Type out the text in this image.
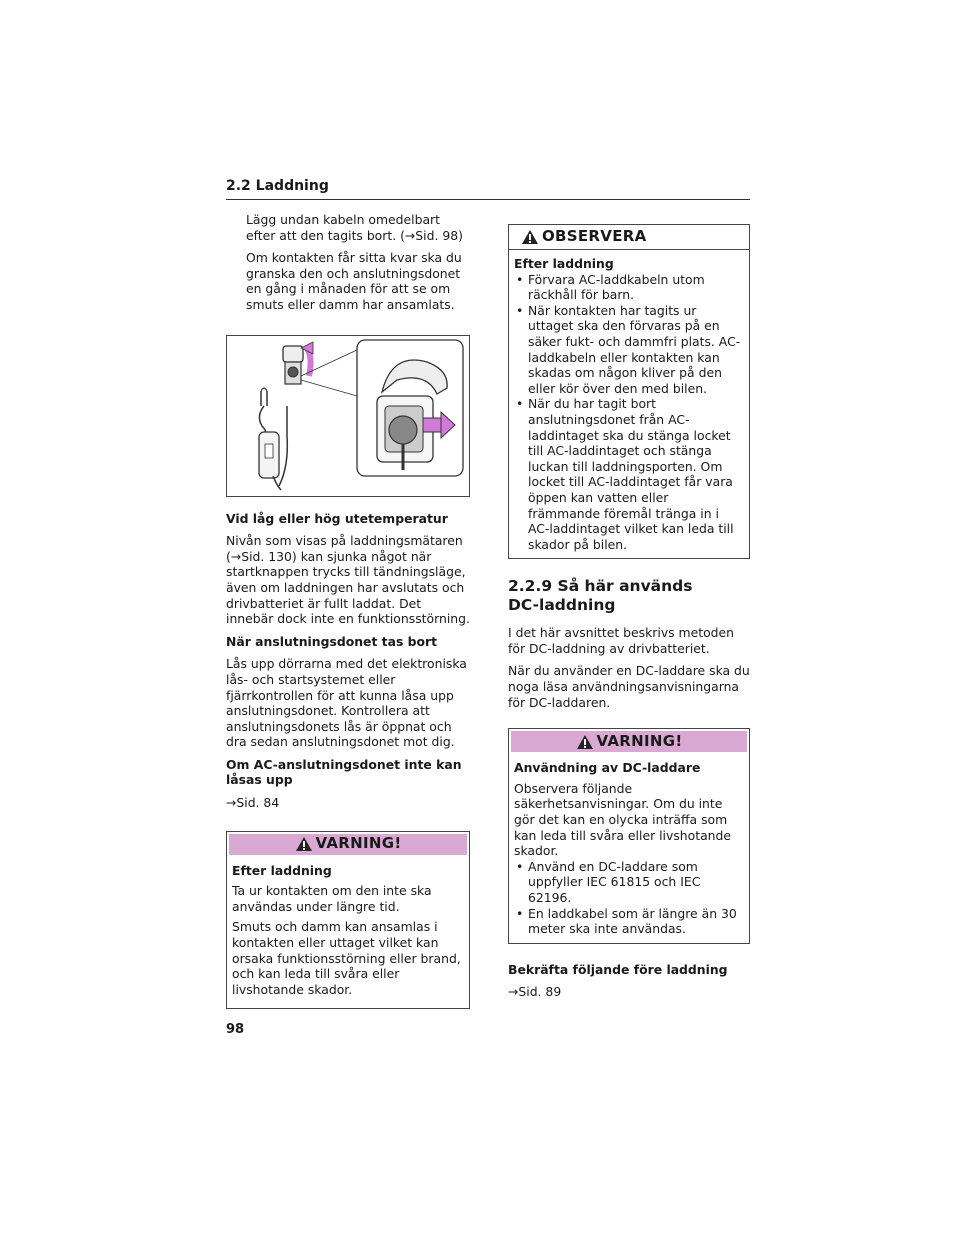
2.2 Laddning

Lägg undan kabeln omedelbart efter att den tagits bort. (→Sid. 98)

Om kontakten får sitta kvar ska du granska den och anslutningsdonet en gång i månaden för att se om smuts eller damm har ansamlats.

Vid låg eller hög utetemperatur

Nivån som visas på laddningsmätaren (→Sid. 130) kan sjunka något när startknappen trycks till tändningsläge, även om laddningen har avslutats och drivbatteriet är fullt laddat. Det innebär dock inte en funktionsstörning.

När anslutningsdonet tas bort

Lås upp dörrarna med det elektroniska lås- och startsystemet eller fjärrkontrollen för att kunna låsa upp anslutningsdonet. Kontrollera att anslutningsdonets lås är öppnat och dra sedan anslutningsdonet mot dig.

Om AC-anslutningsdonet inte kan låsas upp

→Sid. 84

VARNING!

Efter laddning

Ta ur kontakten om den inte ska användas under längre tid.

Smuts och damm kan ansamlas i kontakten eller uttaget vilket kan orsaka funktionsstörning eller brand, och kan leda till svåra eller livshotande skador.

OBSERVERA

Efter laddning

• Förvara AC-laddkabeln utom räckhåll för barn.
• När kontakten har tagits ur uttaget ska den förvaras på en säker fukt- och dammfri plats. AC-laddkabeln eller kontakten kan skadas om någon kliver på den eller kör över den med bilen.
• När du har tagit bort anslutningsdonet från AC-laddintaget ska du stänga locket till AC-laddintaget och stänga luckan till laddningsporten. Om locket till AC-laddintaget får vara öppen kan vatten eller främmande föremål tränga in i AC-laddintaget vilket kan leda till skador på bilen.
2.2.9 Så här används
DC-laddning

I det här avsnittet beskrivs metoden för DC-laddning av drivbatteriet.

När du använder en DC-laddare ska du noga läsa användningsanvisningarna för DC-laddaren.

VARNING!

Användning av DC-laddare

Observera följande säkerhetsanvisningar. Om du inte gör det kan en olycka inträffa som kan leda till svåra eller livshotande skador.

• Använd en DC-laddare som uppfyller IEC 61815 och IEC 62196.
• En laddkabel som är längre än 30 meter ska inte användas.

Bekräfta följande före laddning

→Sid. 89

98
